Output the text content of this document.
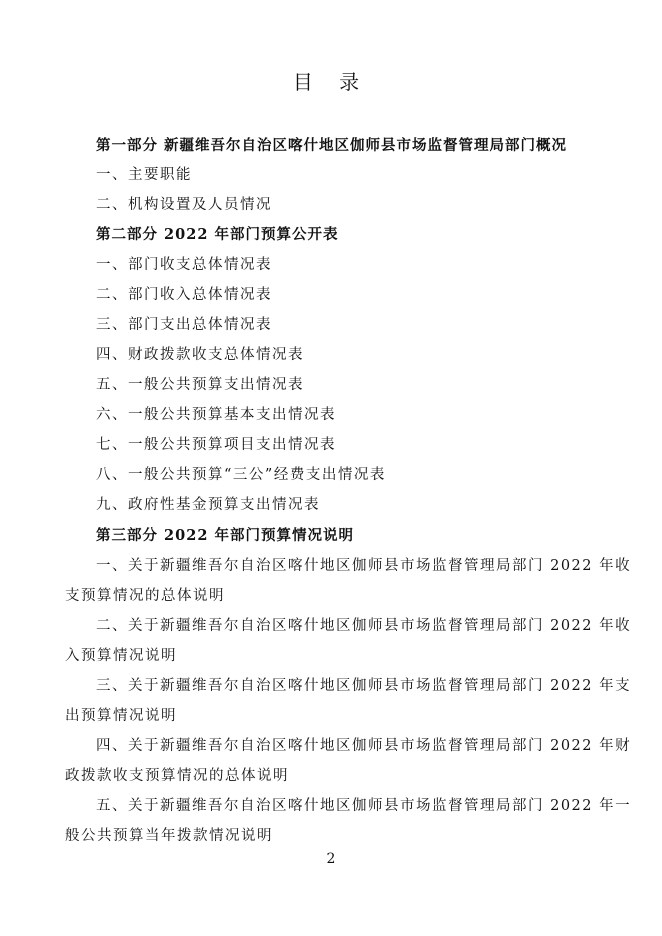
目 录
第一部分 新疆维吾尔自治区喀什地区伽师县市场监督管理局部门概况
一、主要职能
二、机构设置及人员情况
第二部分 2022 年部门预算公开表
一、部门收支总体情况表
二、部门收入总体情况表
三、部门支出总体情况表
四、财政拨款收支总体情况表
五、一般公共预算支出情况表
六、一般公共预算基本支出情况表
七、一般公共预算项目支出情况表
八、一般公共预算“三公”经费支出情况表
九、政府性基金预算支出情况表
第三部分 2022 年部门预算情况说明
一、关于新疆维吾尔自治区喀什地区伽师县市场监督管理局部门 2022 年收
支预算情况的总体说明
二、关于新疆维吾尔自治区喀什地区伽师县市场监督管理局部门 2022 年收
入预算情况说明
三、关于新疆维吾尔自治区喀什地区伽师县市场监督管理局部门 2022 年支
出预算情况说明
四、关于新疆维吾尔自治区喀什地区伽师县市场监督管理局部门 2022 年财
政拨款收支预算情况的总体说明
五、关于新疆维吾尔自治区喀什地区伽师县市场监督管理局部门 2022 年一
般公共预算当年拨款情况说明
2
